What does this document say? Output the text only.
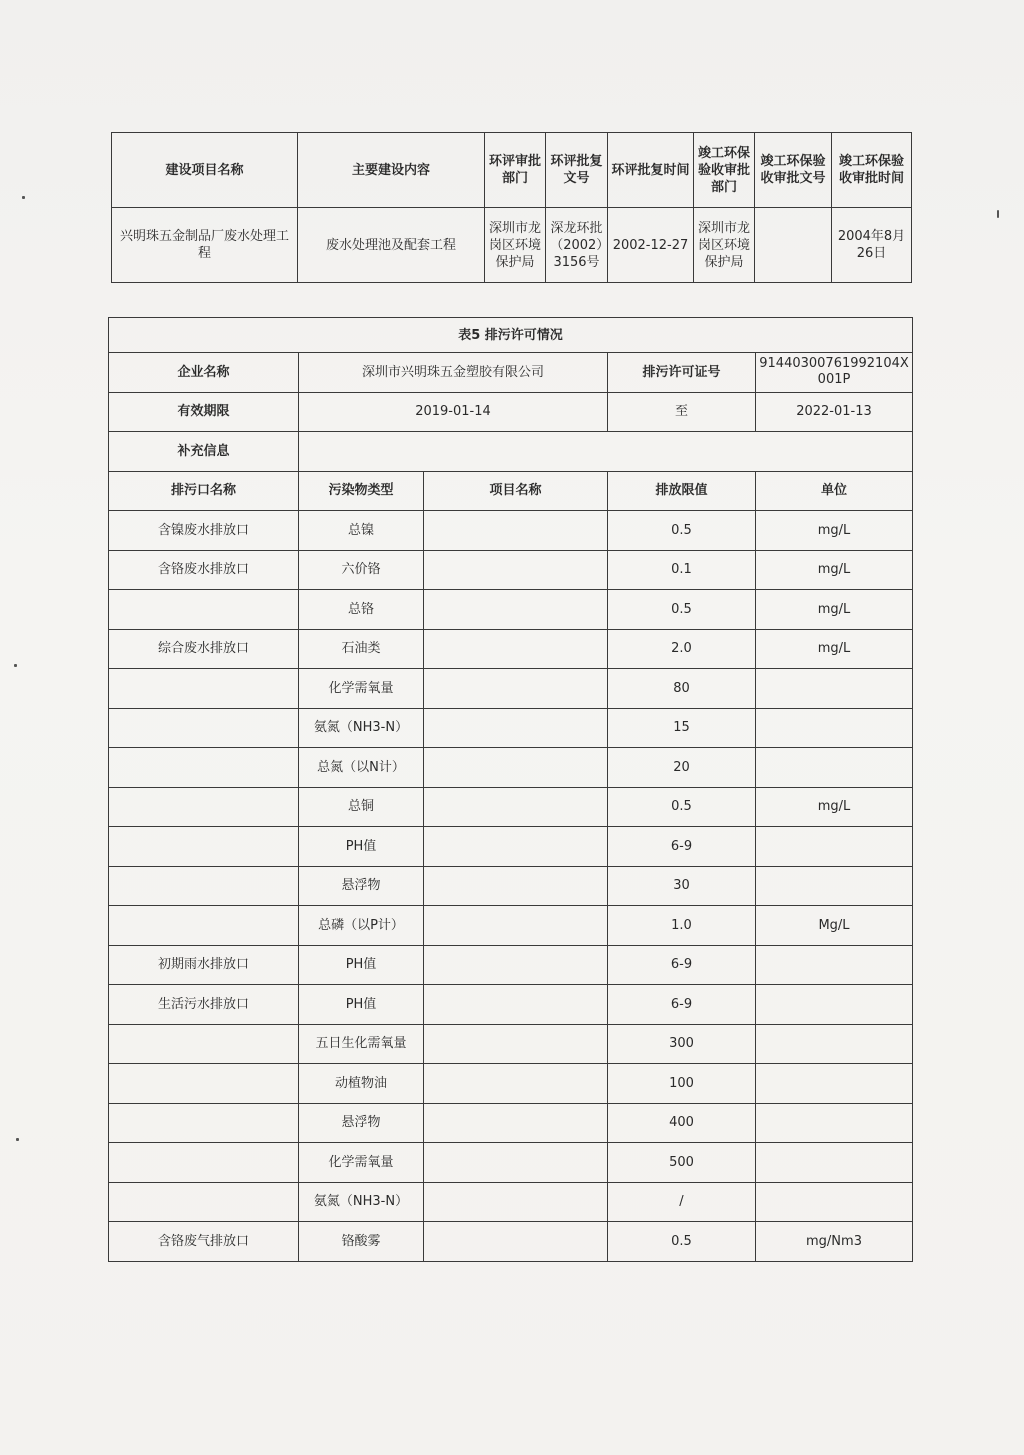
建设项目名称	主要建设内容	环评审批部门	环评批复文号	环评批复时间	竣工环保验收审批部门	竣工环保验收审批文号	竣工环保验收审批时间
兴明珠五金制品厂废水处理工程	废水处理池及配套工程	深圳市龙岗区环境保护局	深龙环批（2002）3156号	2002-12-27	深圳市龙岗区环境保护局		2004年8月26日
表5 排污许可情况				
企业名称	深圳市兴明珠五金塑胶有限公司		排污许可证号	91440300761992104X001P
有效期限	2019-01-14		至	2022-01-13
补充信息				
排污口名称	污染物类型	项目名称	排放限值	单位
含镍废水排放口	总镍		0.5	mg/L
含铬废水排放口	六价铬		0.1	mg/L
	总铬		0.5	mg/L
综合废水排放口	石油类		2.0	mg/L
	化学需氧量		80	
	氨氮（NH3-N）		15	
	总氮（以N计）		20	
	总铜		0.5	mg/L
	PH值		6-9	
	悬浮物		30	
	总磷（以P计）		1.0	Mg/L
初期雨水排放口	PH值		6-9	
生活污水排放口	PH值		6-9	
	五日生化需氧量		300	
	动植物油		100	
	悬浮物		400	
	化学需氧量		500	
	氨氮（NH3-N）		/	
含铬废气排放口	铬酸雾		0.5	mg/Nm3
